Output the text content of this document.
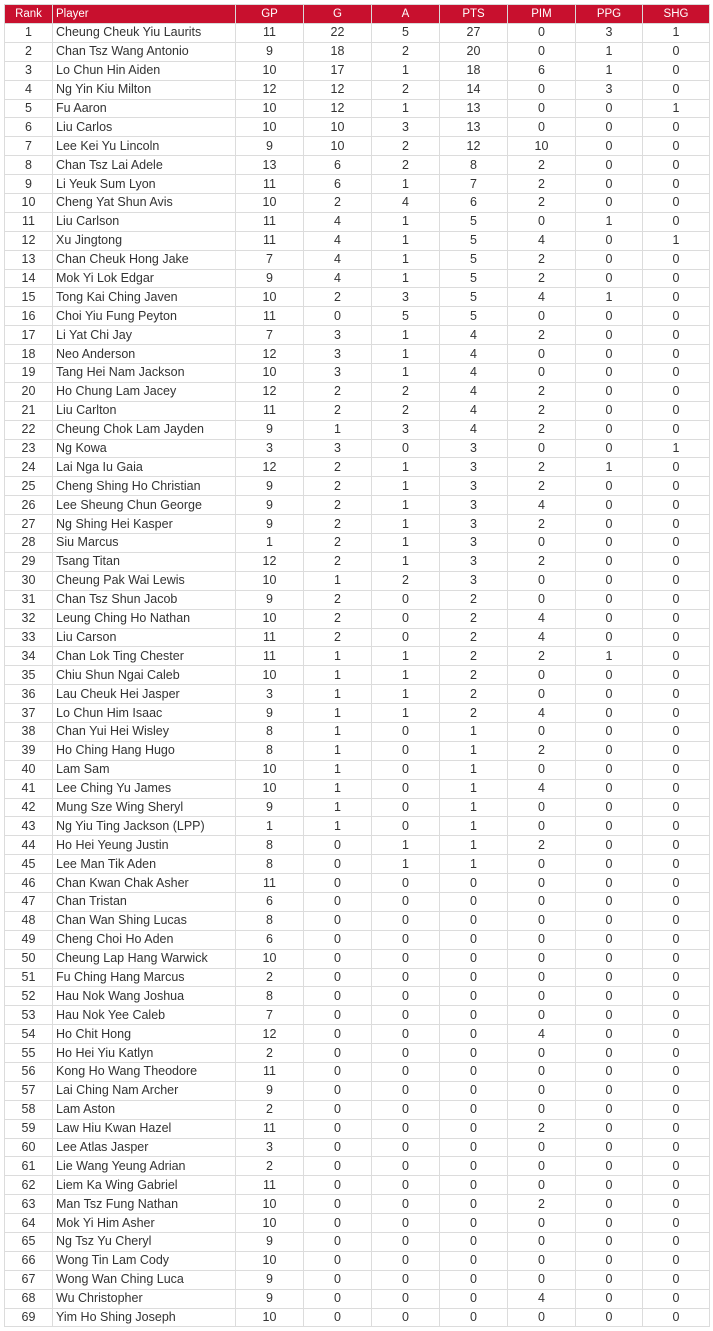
Rank	Player	GP	G	A	PTS	PIM	PPG	SHG
1	Cheung Cheuk Yiu Laurits	11	22	5	27	0	3	1
2	Chan Tsz Wang Antonio	9	18	2	20	0	1	0
3	Lo Chun Hin Aiden	10	17	1	18	6	1	0
4	Ng Yin Kiu Milton	12	12	2	14	0	3	0
5	Fu Aaron	10	12	1	13	0	0	1
6	Liu Carlos	10	10	3	13	0	0	0
7	Lee Kei Yu Lincoln	9	10	2	12	10	0	0
8	Chan Tsz Lai Adele	13	6	2	8	2	0	0
9	Li Yeuk Sum Lyon	11	6	1	7	2	0	0
10	Cheng Yat Shun Avis	10	2	4	6	2	0	0
11	Liu Carlson	11	4	1	5	0	1	0
12	Xu Jingtong	11	4	1	5	4	0	1
13	Chan Cheuk Hong Jake	7	4	1	5	2	0	0
14	Mok Yi Lok Edgar	9	4	1	5	2	0	0
15	Tong Kai Ching Javen	10	2	3	5	4	1	0
16	Choi Yiu Fung Peyton	11	0	5	5	0	0	0
17	Li Yat Chi Jay	7	3	1	4	2	0	0
18	Neo Anderson	12	3	1	4	0	0	0
19	Tang Hei Nam Jackson	10	3	1	4	0	0	0
20	Ho Chung Lam Jacey	12	2	2	4	2	0	0
21	Liu Carlton	11	2	2	4	2	0	0
22	Cheung Chok Lam Jayden	9	1	3	4	2	0	0
23	Ng Kowa	3	3	0	3	0	0	1
24	Lai Nga Iu Gaia	12	2	1	3	2	1	0
25	Cheng Shing Ho Christian	9	2	1	3	2	0	0
26	Lee Sheung Chun George	9	2	1	3	4	0	0
27	Ng Shing Hei Kasper	9	2	1	3	2	0	0
28	Siu Marcus	1	2	1	3	0	0	0
29	Tsang Titan	12	2	1	3	2	0	0
30	Cheung Pak Wai Lewis	10	1	2	3	0	0	0
31	Chan Tsz Shun Jacob	9	2	0	2	0	0	0
32	Leung Ching Ho Nathan	10	2	0	2	4	0	0
33	Liu Carson	11	2	0	2	4	0	0
34	Chan Lok Ting Chester	11	1	1	2	2	1	0
35	Chiu Shun Ngai Caleb	10	1	1	2	0	0	0
36	Lau Cheuk Hei Jasper	3	1	1	2	0	0	0
37	Lo Chun Him Isaac	9	1	1	2	4	0	0
38	Chan Yui Hei Wisley	8	1	0	1	0	0	0
39	Ho Ching Hang Hugo	8	1	0	1	2	0	0
40	Lam Sam	10	1	0	1	0	0	0
41	Lee Ching Yu James	10	1	0	1	4	0	0
42	Mung Sze Wing Sheryl	9	1	0	1	0	0	0
43	Ng Yiu Ting Jackson (LPP)	1	1	0	1	0	0	0
44	Ho Hei Yeung Justin	8	0	1	1	2	0	0
45	Lee Man Tik Aden	8	0	1	1	0	0	0
46	Chan Kwan Chak Asher	11	0	0	0	0	0	0
47	Chan Tristan	6	0	0	0	0	0	0
48	Chan Wan Shing Lucas	8	0	0	0	0	0	0
49	Cheng Choi Ho Aden	6	0	0	0	0	0	0
50	Cheung Lap Hang Warwick	10	0	0	0	0	0	0
51	Fu Ching Hang Marcus	2	0	0	0	0	0	0
52	Hau Nok Wang Joshua	8	0	0	0	0	0	0
53	Hau Nok Yee Caleb	7	0	0	0	0	0	0
54	Ho Chit Hong	12	0	0	0	4	0	0
55	Ho Hei Yiu Katlyn	2	0	0	0	0	0	0
56	Kong Ho Wang Theodore	11	0	0	0	0	0	0
57	Lai Ching Nam Archer	9	0	0	0	0	0	0
58	Lam Aston	2	0	0	0	0	0	0
59	Law Hiu Kwan Hazel	11	0	0	0	2	0	0
60	Lee Atlas Jasper	3	0	0	0	0	0	0
61	Lie Wang Yeung Adrian	2	0	0	0	0	0	0
62	Liem Ka Wing Gabriel	11	0	0	0	0	0	0
63	Man Tsz Fung Nathan	10	0	0	0	2	0	0
64	Mok Yi Him Asher	10	0	0	0	0	0	0
65	Ng Tsz Yu Cheryl	9	0	0	0	0	0	0
66	Wong Tin Lam Cody	10	0	0	0	0	0	0
67	Wong Wan Ching Luca	9	0	0	0	0	0	0
68	Wu Christopher	9	0	0	0	4	0	0
69	Yim Ho Shing Joseph	10	0	0	0	0	0	0
